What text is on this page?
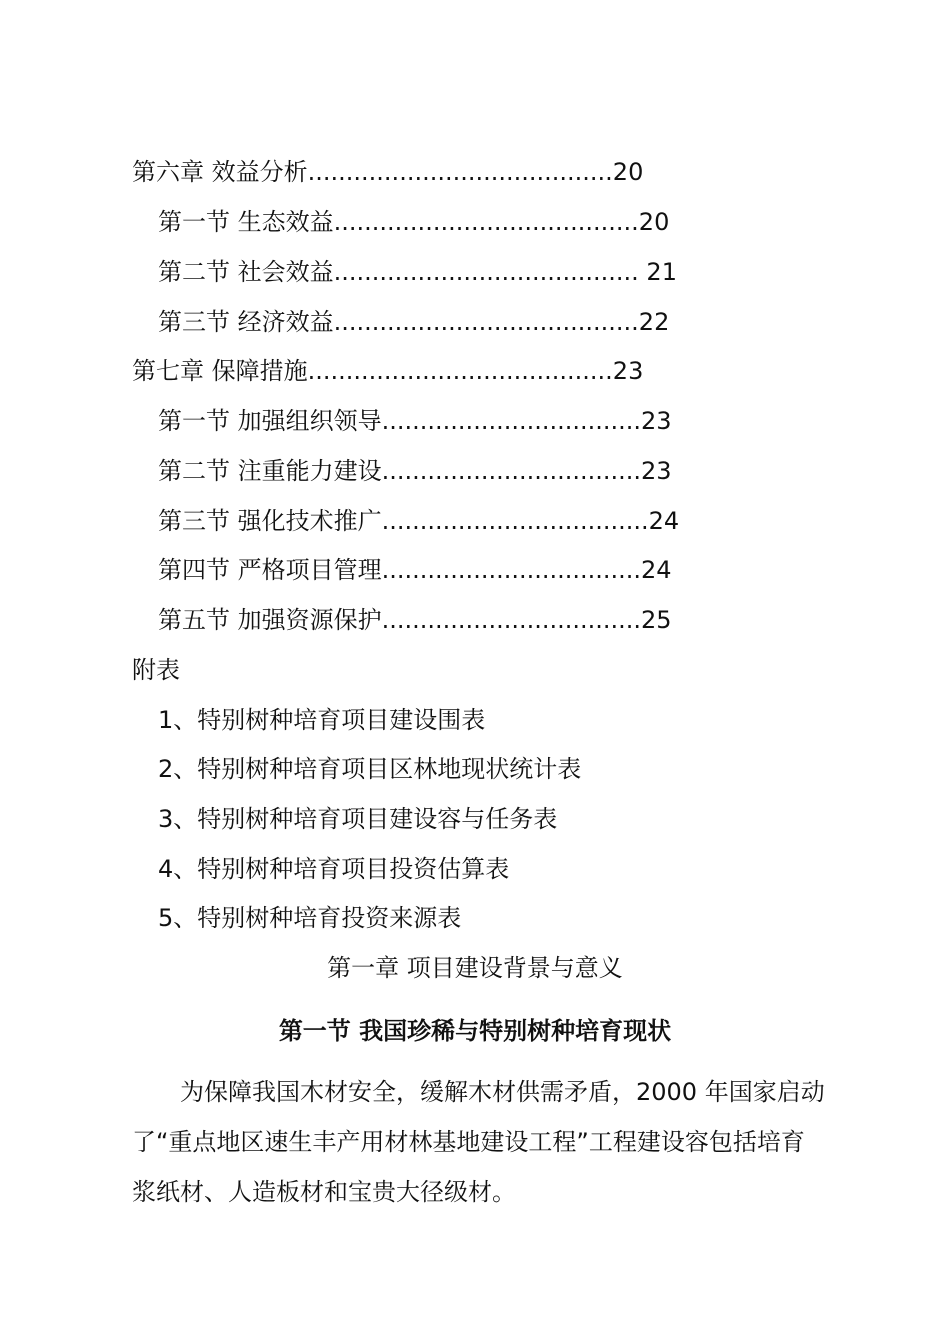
第六章 效益分析........................................20
第一节 生态效益........................................20
第二节 社会效益........................................ 21
第三节 经济效益........................................22
第七章 保障措施........................................23
第一节 加强组织领导..................................23
第二节 注重能力建设..................................23
第三节 强化技术推广...................................24
第四节 严格项目管理..................................24
第五节 加强资源保护..................................25
附表
1、特别树种培育项目建设围表
2、特别树种培育项目区林地现状统计表
3、特别树种培育项目建设容与任务表
4、特别树种培育项目投资估算表
5、特别树种培育投资来源表
第一章 项目建设背景与意义
第一节 我国珍稀与特别树种培育现状
为保障我国木材安全，缓解木材供需矛盾，2000 年国家启动
了“重点地区速生丰产用材林基地建设工程”工程建设容包括培育
浆纸材、人造板材和宝贵大径级材。
